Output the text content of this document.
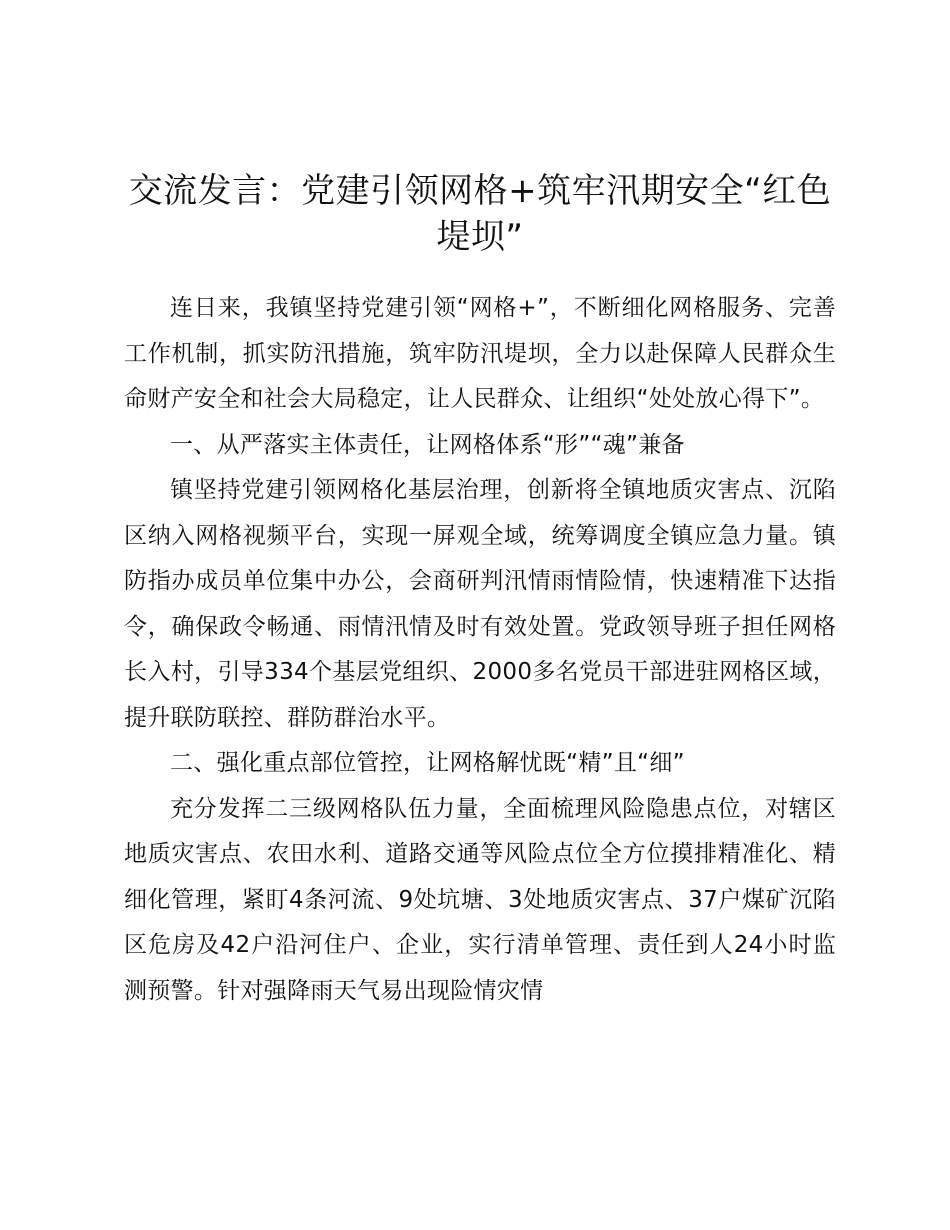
交流发言：党建引领网格+筑牢汛期安全“红色堤坝”

连日来，我镇坚持党建引领“网格+”，不断细化网格服务、完善工作机制，抓实防汛措施，筑牢防汛堤坝，全力以赴保障人民群众生命财产安全和社会大局稳定，让人民群众、让组织“处处放心得下”。

一、从严落实主体责任，让网格体系“形”“魂”兼备

镇坚持党建引领网格化基层治理，创新将全镇地质灾害点、沉陷区纳入网格视频平台，实现一屏观全域，统筹调度全镇应急力量。镇防指办成员单位集中办公，会商研判汛情雨情险情，快速精准下达指令，确保政令畅通、雨情汛情及时有效处置。党政领导班子担任网格长入村，引导334个基层党组织、2000多名党员干部进驻网格区域，提升联防联控、群防群治水平。

二、强化重点部位管控，让网格解忧既“精”且“细”

充分发挥二三级网格队伍力量，全面梳理风险隐患点位，对辖区地质灾害点、农田水利、道路交通等风险点位全方位摸排精准化、精细化管理，紧盯4条河流、9处坑塘、3处地质灾害点、37户煤矿沉陷区危房及42户沿河住户、企业，实行清单管理、责任到人24小时监测预警。针对强降雨天气易出现险情灾情
